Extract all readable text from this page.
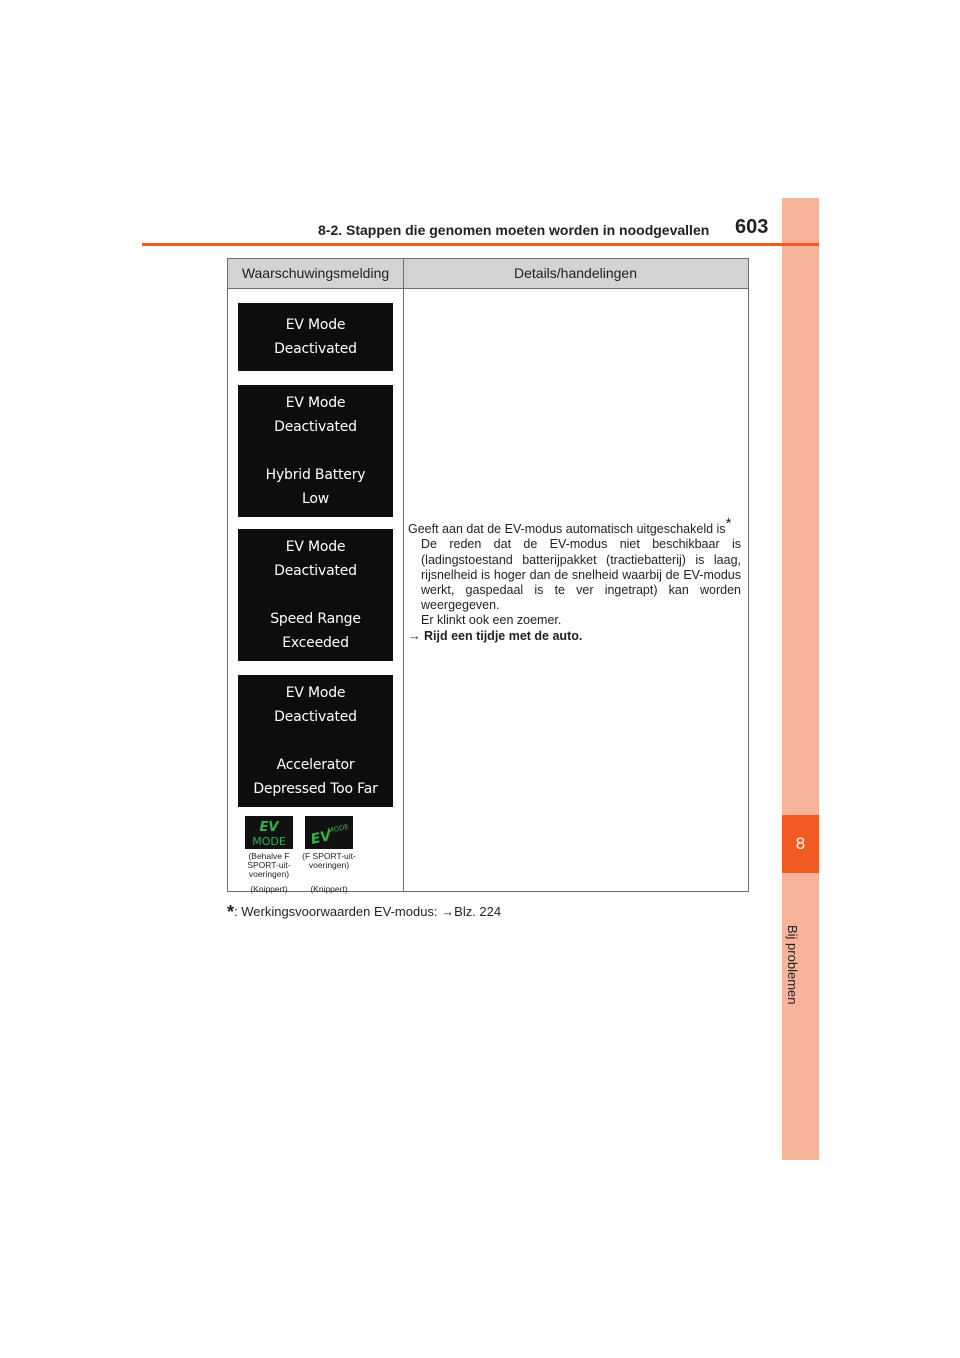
8
Bij problemen
8-2. Stappen die genomen moeten worden in noodgevallen 603
Waarschuwingsmelding	Details/handelingen
EV Mode
Deactivated
EV Mode
Deactivated
Hybrid Battery
Low
EV Mode
Deactivated
Speed Range
Exceeded
EV Mode
Deactivated
Accelerator
Depressed Too Far
EV
MODE
(Behalve F SPORT-uit-voeringen)
(Knippert)
EV
MODE
(F SPORT-uit-voeringen)
(Knippert)

Geeft aan dat de EV-modus automatisch uitgeschakeld is*

De reden dat de EV-modus niet beschikbaar is (ladingstoestand batterijpakket (tractiebatterij) is laag, rijsnelheid is hoger dan de snelheid waarbij de EV-modus werkt, gaspedaal is te ver ingetrapt) kan worden weergegeven.

Er klinkt ook een zoemer.

→ Rijd een tijdje met de auto.

*: Werkingsvoorwaarden EV-modus: →Blz. 224
